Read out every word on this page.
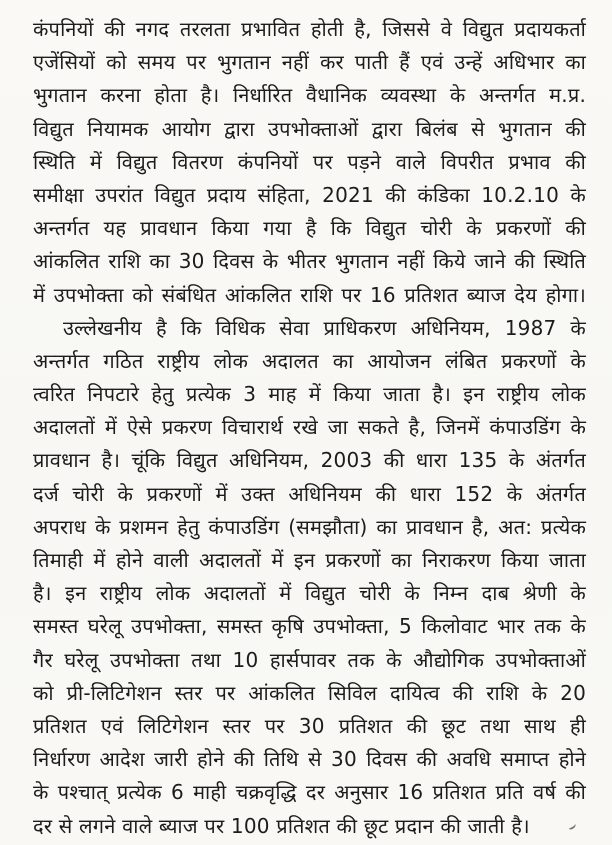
कंपनियों की नगद तरलता प्रभावित होती है, जिससे वे विद्युत प्रदायकर्ता
एजेंसियों को समय पर भुगतान नहीं कर पाती हैं एवं उन्हें अधिभार का
भुगतान करना होता है। निर्धारित वैधानिक व्यवस्था के अन्तर्गत म.प्र.
विद्युत नियामक आयोग द्वारा उपभोक्ताओं द्वारा बिलंब से भुगतान की
स्थिति में विद्युत वितरण कंपनियों पर पड़ने वाले विपरीत प्रभाव की
समीक्षा उपरांत विद्युत प्रदाय संहिता, 2021 की कंडिका 10.2.10 के
अन्तर्गत यह प्रावधान किया गया है कि विद्युत चोरी के प्रकरणों की
आंकलित राशि का 30 दिवस के भीतर भुगतान नहीं किये जाने की स्थिति
में उपभोक्ता को संबंधित आंकलित राशि पर 16 प्रतिशत ब्याज देय होगा।
उल्लेखनीय है कि विधिक सेवा प्राधिकरण अधिनियम, 1987 के
अन्तर्गत गठित राष्ट्रीय लोक अदालत का आयोजन लंबित प्रकरणों के
त्वरित निपटारे हेतु प्रत्येक 3 माह में किया जाता है। इन राष्ट्रीय लोक
अदालतों में ऐसे प्रकरण विचारार्थ रखे जा सकते है, जिनमें कंपाउडिंग के
प्रावधान है। चूंकि विद्युत अधिनियम, 2003 की धारा 135 के अंतर्गत
दर्ज चोरी के प्रकरणों में उक्त अधिनियम की धारा 152 के अंतर्गत
अपराध के प्रशमन हेतु कंपाउडिंग (समझौता) का प्रावधान है, अत: प्रत्येक
तिमाही में होने वाली अदालतों में इन प्रकरणों का निराकरण किया जाता
है। इन राष्ट्रीय लोक अदालतों में विद्युत चोरी के निम्न दाब श्रेणी के
समस्त घरेलू उपभोक्ता, समस्त कृषि उपभोक्ता, 5 किलोवाट भार तक के
गैर घरेलू उपभोक्ता तथा 10 हार्सपावर तक के औद्योगिक उपभोक्ताओं
को प्री-लिटिगेशन स्तर पर आंकलित सिविल दायित्व की राशि के 20
प्रतिशत एवं लिटिगेशन स्तर पर 30 प्रतिशत की छूट तथा साथ ही
निर्धारण आदेश जारी होने की तिथि से 30 दिवस की अवधि समाप्त होने
के पश्चात् प्रत्येक 6 माही चक्रवृद्धि दर अनुसार 16 प्रतिशत प्रति वर्ष की
दर से लगने वाले ब्याज पर 100 प्रतिशत की छूट प्रदान की जाती है।
